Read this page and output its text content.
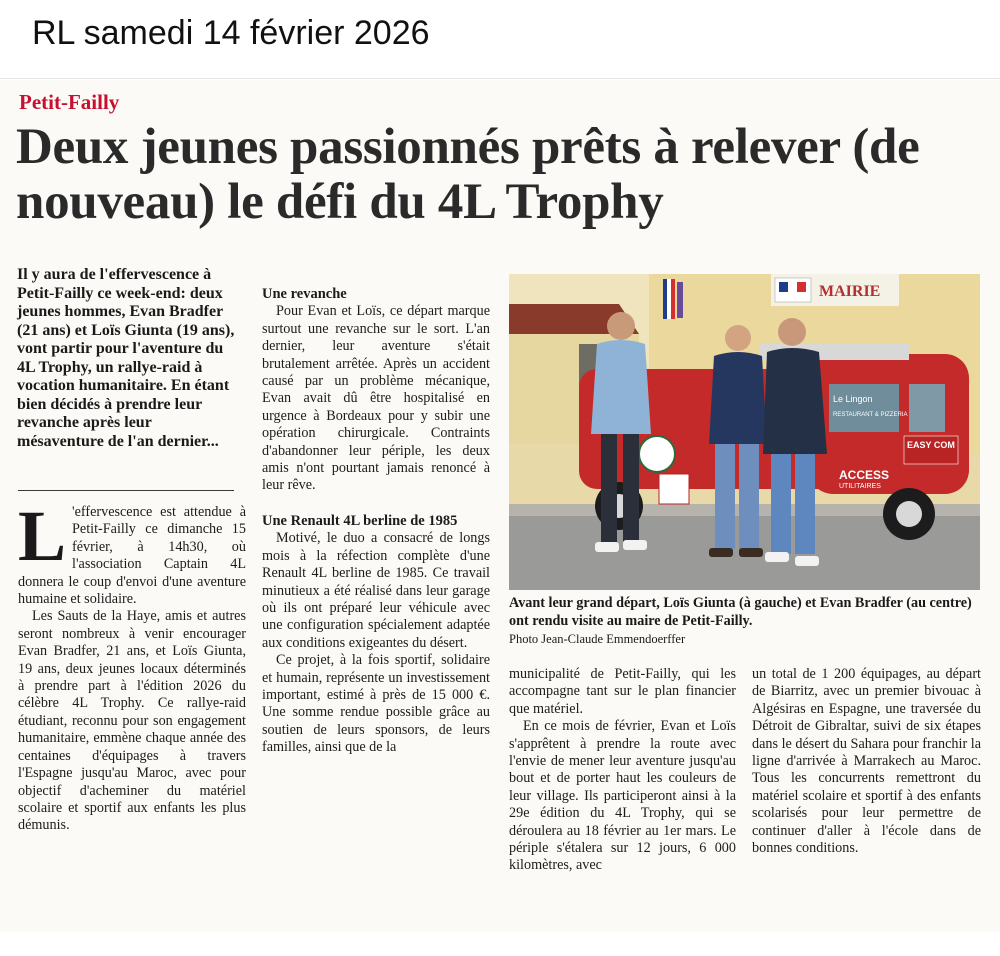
RL samedi 14 février 2026
Petit-Failly
Deux jeunes passionnés prêts à relever (de nouveau) le défi du 4L Trophy
Il y aura de l'effervescence à Petit-Failly ce week-end: deux jeunes hommes, Evan Bradfer (21 ans) et Loïs Giunta (19 ans), vont partir pour l'aventure du 4L Trophy, un rallye-raid à vocation humanitaire. En étant bien décidés à prendre leur revanche après leur mésaventure de l'an dernier...

L 'effervescence est attendue à Petit-Failly ce dimanche 15 février, à 14h30, où l'association Captain 4L donnera le coup d'envoi d'une aventure humaine et solidaire.

Les Sauts de la Haye, amis et autres seront nombreux à venir encourager Evan Bradfer, 21 ans, et Loïs Giunta, 19 ans, deux jeunes locaux déterminés à prendre part à l'édition 2026 du célèbre 4L Trophy. Ce rallye-raid étudiant, reconnu pour son engagement humanitaire, emmène chaque année des centaines d'équipages à travers l'Espagne jusqu'au Maroc, avec pour objectif d'acheminer du matériel scolaire et sportif aux enfants les plus démunis.

Une revanche

Pour Evan et Loïs, ce départ marque surtout une revanche sur le sort. L'an dernier, leur aventure s'était brutalement arrêtée. Après un accident causé par un problème mécanique, Evan avait dû être hospitalisé en urgence à Bordeaux pour y subir une opération chirurgicale. Contraints d'abandonner leur périple, les deux amis n'ont pourtant jamais renoncé à leur rêve.

Une Renault 4L berline de 1985

Motivé, le duo a consacré de longs mois à la réfection complète d'une Renault 4L berline de 1985. Ce travail minutieux a été réalisé dans leur garage où ils ont préparé leur véhicule avec une configuration spécialement adaptée aux conditions exigeantes du désert.

Ce projet, à la fois sportif, solidaire et humain, représente un investissement important, estimé à près de 15 000 €. Une somme rendue possible grâce au soutien de leurs sponsors, de leurs familles, ainsi que de la

MAIRIE
Le Lingon
RESTAURANT & PIZZERIA
EASY COM
ACCESS
UTILITAIRES
Avant leur grand départ, Loïs Giunta (à gauche) et Evan Bradfer (au centre) ont rendu visite au maire de Petit-Failly.
Photo Jean-Claude Emmendoerffer

municipalité de Petit-Failly, qui les accompagne tant sur le plan financier que matériel.

En ce mois de février, Evan et Loïs s'apprêtent à prendre la route avec l'envie de mener leur aventure jusqu'au bout et de porter haut les couleurs de leur village. Ils participeront ainsi à la 29e édition du 4L Trophy, qui se déroulera au 18 février au 1er mars. Le périple s'étalera sur 12 jours, 6 000 kilomètres, avec

un total de 1 200 équipages, au départ de Biarritz, avec un premier bivouac à Algésiras en Espagne, une traversée du Détroit de Gibraltar, suivi de six étapes dans le désert du Sahara pour franchir la ligne d'arrivée à Marrakech au Maroc. Tous les concurrents remettront du matériel scolaire et sportif à des enfants scolarisés pour leur permettre de continuer d'aller à l'école dans de bonnes conditions.
